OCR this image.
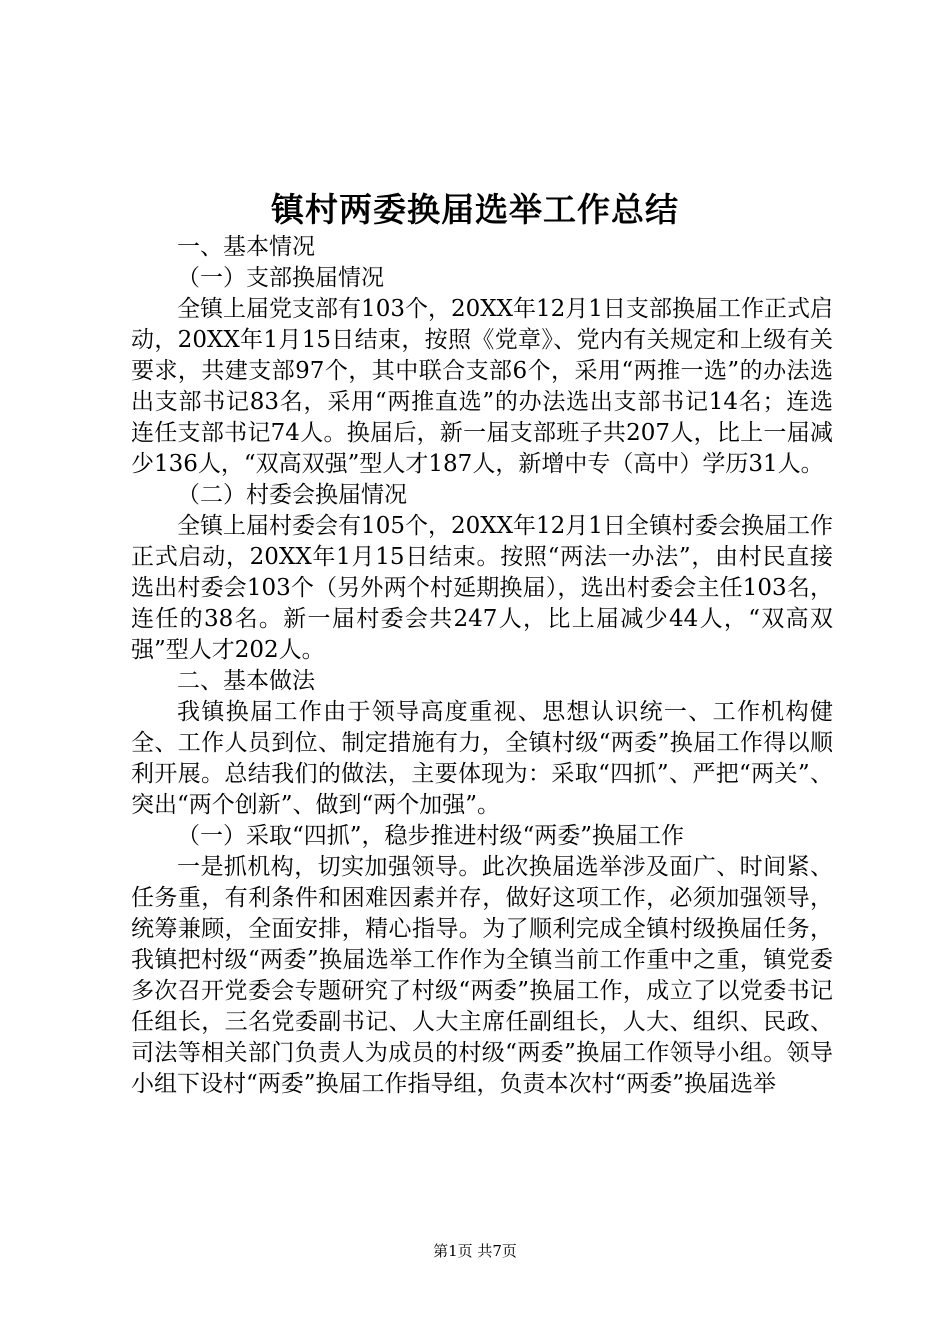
镇村两委换届选举工作总结

一、基本情况

（一）支部换届情况

全镇上届党支部有103个，20XX年12月1日支部换届工作正式启动，20XX年1月15日结束，按照《党章》、党内有关规定和上级有关要求，共建支部97个，其中联合支部6个，采用“两推一选”的办法选出支部书记83名，采用“两推直选”的办法选出支部书记14名；连选连任支部书记74人。换届后，新一届支部班子共207人，比上一届减少136人，“双高双强”型人才187人，新增中专（高中）学历31人。

（二）村委会换届情况

全镇上届村委会有105个，20XX年12月1日全镇村委会换届工作正式启动，20XX年1月15日结束。按照“两法一办法”，由村民直接选出村委会103个（另外两个村延期换届），选出村委会主任103名，连任的38名。新一届村委会共247人，比上届减少44人，“双高双强”型人才202人。

二、基本做法

我镇换届工作由于领导高度重视、思想认识统一、工作机构健全、工作人员到位、制定措施有力，全镇村级“两委”换届工作得以顺利开展。总结我们的做法，主要体现为：采取“四抓”、严把“两关”、突出“两个创新”、做到“两个加强”。

（一）采取“四抓”，稳步推进村级“两委”换届工作

一是抓机构，切实加强领导。此次换届选举涉及面广、时间紧、任务重，有利条件和困难因素并存，做好这项工作，必须加强领导，统筹兼顾，全面安排，精心指导。为了顺利完成全镇村级换届任务，我镇把村级“两委”换届选举工作作为全镇当前工作重中之重，镇党委多次召开党委会专题研究了村级“两委”换届工作，成立了以党委书记任组长，三名党委副书记、人大主席任副组长，人大、组织、民政、司法等相关部门负责人为成员的村级“两委”换届工作领导小组。领导小组下设村“两委”换届工作指导组，负责本次村“两委”换届选举

第1页 共7页
